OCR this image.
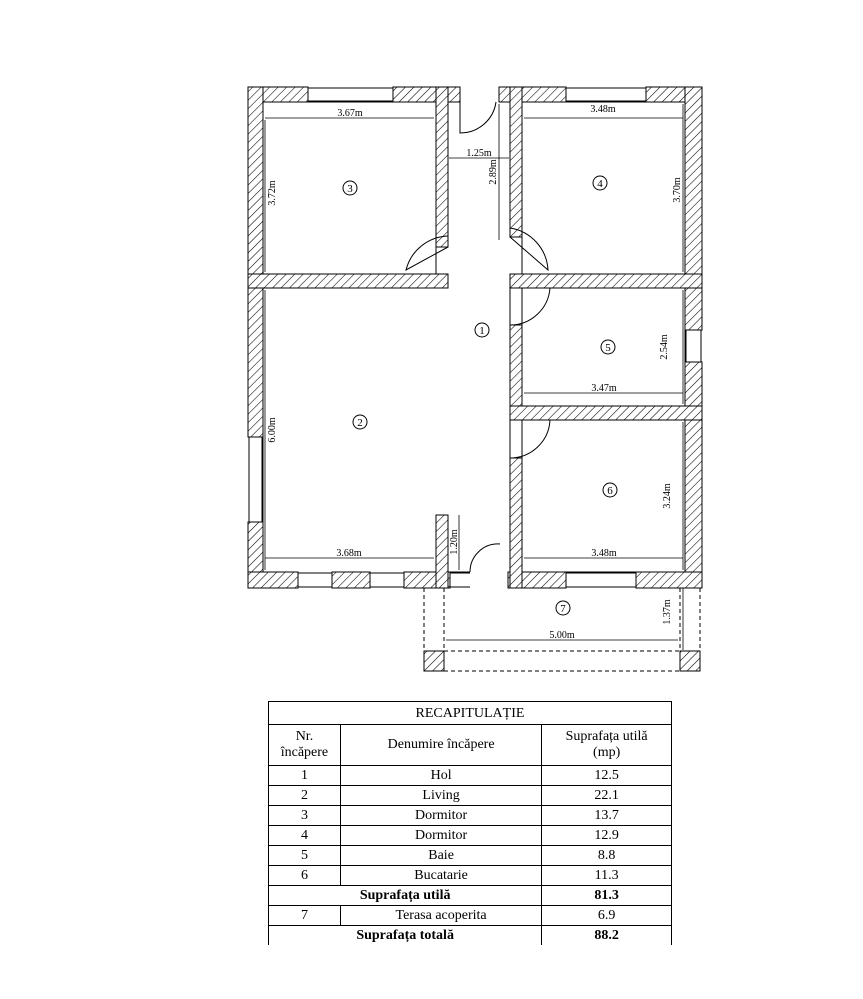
3	4
1
5
2
6
7
3.67m
3.72m
1.25m
2.89m
3.48m
3.70m
2.54m
3.47m
6.00m
3.68m	1.20m
3.24m
3.48m
1.37m
5.00m
RECAPITULAȚIE		
Nr.
încăpere	Denumire încăpere	Suprafața utilă
(mp)
1	Hol	12.5
2	Living	22.1
3	Dormitor	13.7
4	Dormitor	12.9
5	Baie	8.8
6	Bucatarie	11.3
Suprafața utilă		81.3
7	Terasa acoperita	6.9
Suprafața totală		88.2
